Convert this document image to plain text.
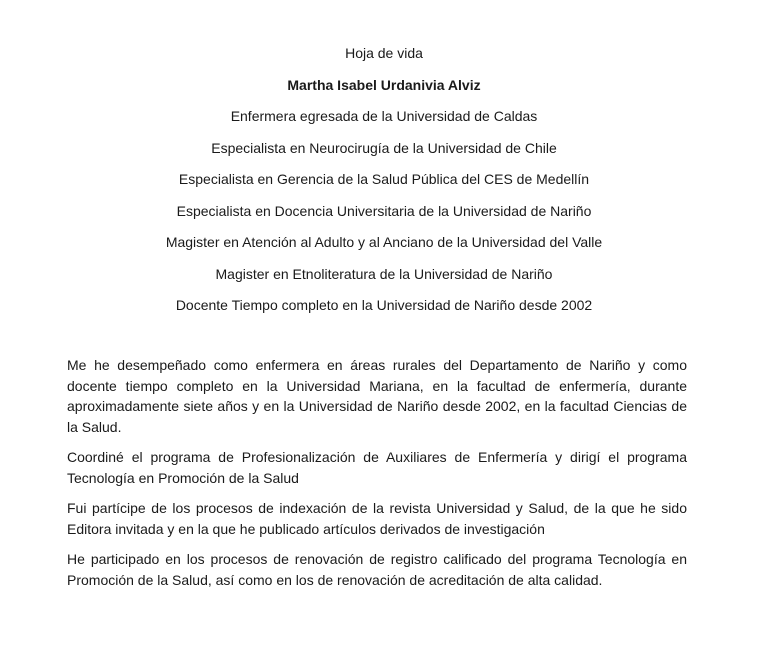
Hoja de vida
Martha Isabel Urdanivia Alviz
Enfermera egresada de la Universidad de Caldas
Especialista en Neurocirugía de la Universidad de Chile
Especialista en Gerencia de la Salud Pública del CES de Medellín
Especialista en Docencia Universitaria de la Universidad de Nariño
Magister en Atención al Adulto y al Anciano de la Universidad del Valle
Magister en Etnoliteratura de la Universidad de Nariño
Docente Tiempo completo en la Universidad de Nariño desde 2002

Me he desempeñado como enfermera en áreas rurales del Departamento de Nariño y como docente tiempo completo en la Universidad Mariana, en la facultad de enfermería, durante aproximadamente siete años y en la Universidad de Nariño desde 2002, en la facultad Ciencias de la Salud.

Coordiné el programa de Profesionalización de Auxiliares de Enfermería y dirigí el programa Tecnología en Promoción de la Salud

Fui partícipe de los procesos de indexación de la revista Universidad y Salud, de la que he sido Editora invitada y en la que he publicado artículos derivados de investigación

He participado en los procesos de renovación de registro calificado del programa Tecnología en Promoción de la Salud, así como en los de renovación de acreditación de alta calidad.
